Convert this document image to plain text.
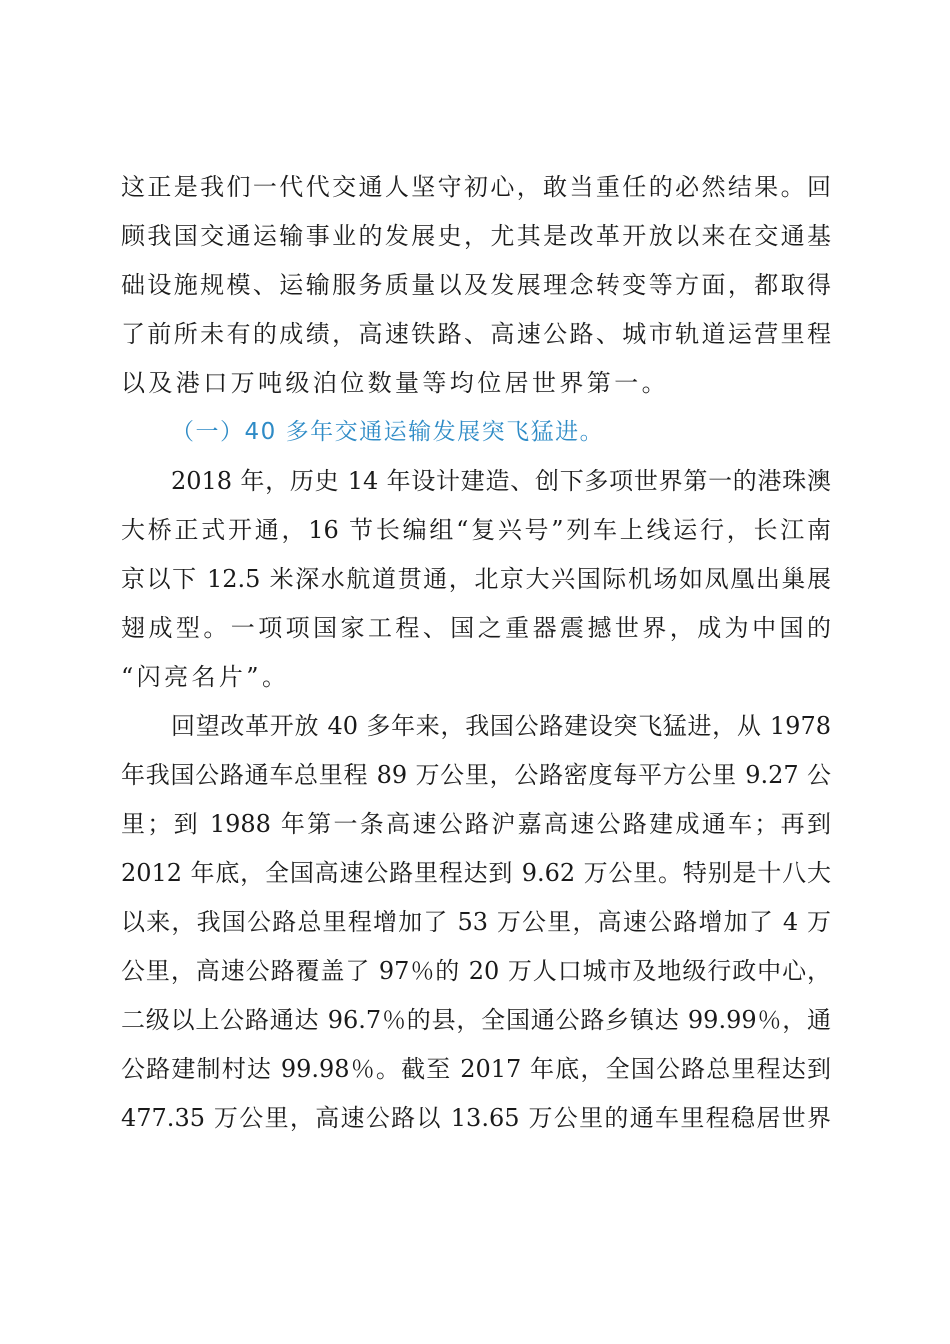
这正是我们一代代交通人坚守初心，敢当重任的必然结果。回
顾我国交通运输事业的发展史，尤其是改革开放以来在交通基
础设施规模、运输服务质量以及发展理念转变等方面，都取得
了前所未有的成绩，高速铁路、高速公路、城市轨道运营里程
以及港口万吨级泊位数量等均位居世界第一。
（一）40 多年交通运输发展突飞猛进。
2018 年，历史 14 年设计建造、创下多项世界第一的港珠澳
大桥正式开通，16 节长编组“复兴号”列车上线运行，长江南
京以下 12.5 米深水航道贯通，北京大兴国际机场如凤凰出巢展
翅成型。一项项国家工程、国之重器震撼世界，成为中国的
“闪亮名片”。
回望改革开放 40 多年来，我国公路建设突飞猛进，从 1978
年我国公路通车总里程 89 万公里，公路密度每平方公里 9.27 公
里；到 1988 年第一条高速公路沪嘉高速公路建成通车；再到
2012 年底，全国高速公路里程达到 9.62 万公里。特别是十八大
以来，我国公路总里程增加了 53 万公里，高速公路增加了 4 万
公里，高速公路覆盖了 97％的 20 万人口城市及地级行政中心，
二级以上公路通达 96.7％的县，全国通公路乡镇达 99.99％，通
公路建制村达 99.98％。截至 2017 年底，全国公路总里程达到
477.35 万公里，高速公路以 13.65 万公里的通车里程稳居世界
